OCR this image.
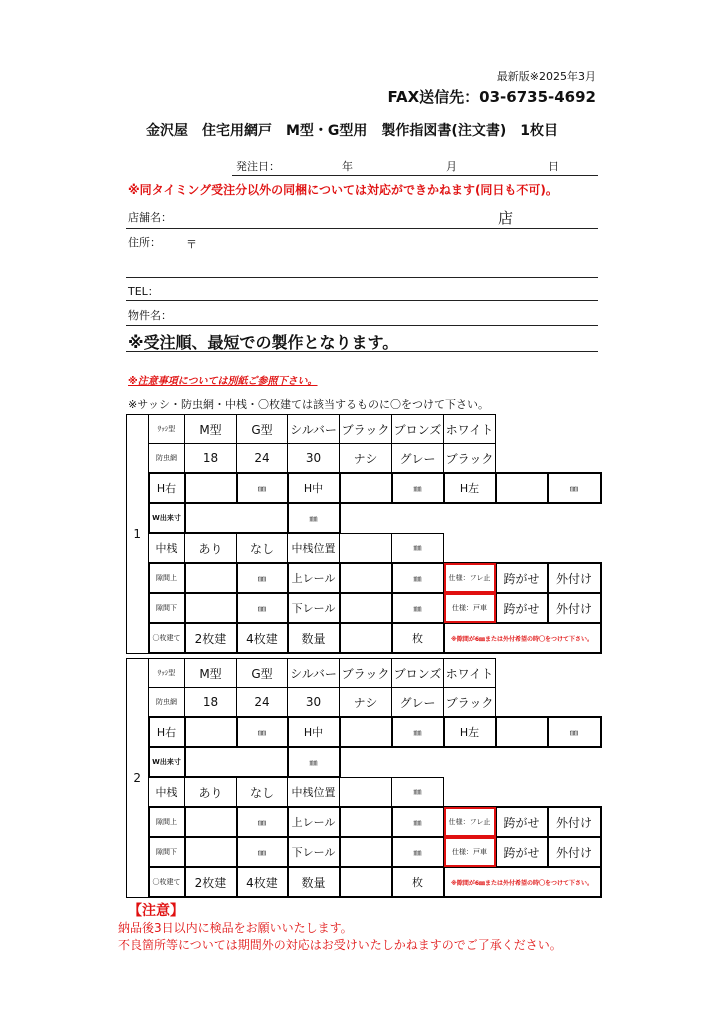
最新版※2025年3月
FAX送信先：03-6735-4692
金沢屋　住宅用網戸　M型・G型用　製作指図書(注文書)　1枚目
発注日：	年	月	日
※同タイミング受注分以外の同梱については対応ができかねます(同日も不可)。
店舗名：	店
住所： 〒
TEL：
物件名：
※受注順、最短での製作となります。
※注意事項については別紙ご参照下さい。
※サッシ・防虫網・中桟・〇枚建ては該当するものに〇をつけて下さい。
1	ｻｯｼ型	M型	G型	シルバー	ブラック	ブロンズ	ホワイト		
	防虫網	18	24	30	ナシ	グレー	ブラック		
	H右		㎜	H中		㎜	H左		㎜
	W出来寸			㎜					
	中桟	あり	なし	中桟位置		㎜			
	隙間上		㎜	上レール		㎜	仕様：フレ止	跨がせ	外付け
	隙間下		㎜	下レール		㎜	仕様：戸車	跨がせ	外付け
	〇枚建て	2枚建	4枚建	数量		枚	※隙間が6㎜または外付希望の時〇をつけて下さい。		
2	ｻｯｼ型	M型	G型	シルバー	ブラック	ブロンズ	ホワイト		
	防虫網	18	24	30	ナシ	グレー	ブラック		
	H右		㎜	H中		㎜	H左		㎜
	W出来寸			㎜					
	中桟	あり	なし	中桟位置		㎜			
	隙間上		㎜	上レール		㎜	仕様：フレ止	跨がせ	外付け
	隙間下		㎜	下レール		㎜	仕様：戸車	跨がせ	外付け
	〇枚建て	2枚建	4枚建	数量		枚	※隙間が6㎜または外付希望の時〇をつけて下さい。		
【注意】
納品後3日以内に検品をお願いいたします。
不良箇所等については期間外の対応はお受けいたしかねますのでご了承ください。
